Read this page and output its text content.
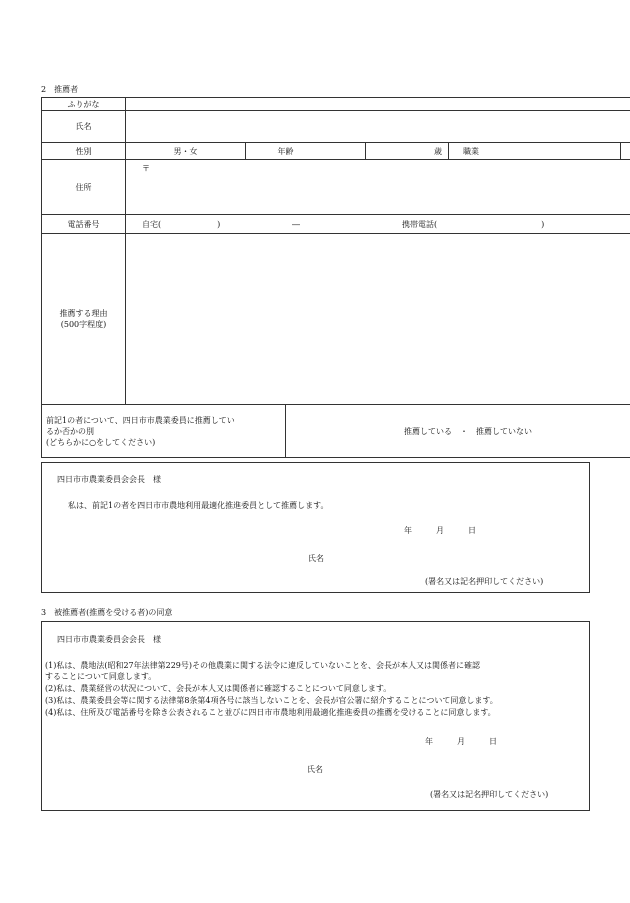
2　推薦者
ふりがな						
氏名						
性別	男・女	年齢		歳	職業	
住所	〒					
電話番号	自宅(　　　　　　　) ― 携帯電話(　　　　　　　　　　　　　)					

推薦する理由
(500字程度)						

前記1の者について、四日市市農業委員に推薦してい
るか否かの別
(どちらかに○をしてください)			推薦している　・　推薦していない			
四日市市農業委員会会長　様
私は、前記1の者を四日市市農地利用最適化推進委員として推薦します。
年　　　月　　　日
氏名
(署名又は記名押印してください)
3　被推薦者(推薦を受ける者)の同意
四日市市農業委員会会長　様
(1)私は、農地法(昭和27年法律第229号)その他農業に関する法令に違反していないことを、会長が本人又は関係者に確認
することについて同意します。
(2)私は、農業経営の状況について、会長が本人又は関係者に確認することについて同意します。
(3)私は、農業委員会等に関する法律第8条第4項各号に該当しないことを、会長が官公署に紹介することについて同意します。
(4)私は、住所及び電話番号を除き公表されること並びに四日市市農地利用最適化推進委員の推薦を受けることに同意します。
年　　　月　　　日
氏名
(署名又は記名押印してください)
